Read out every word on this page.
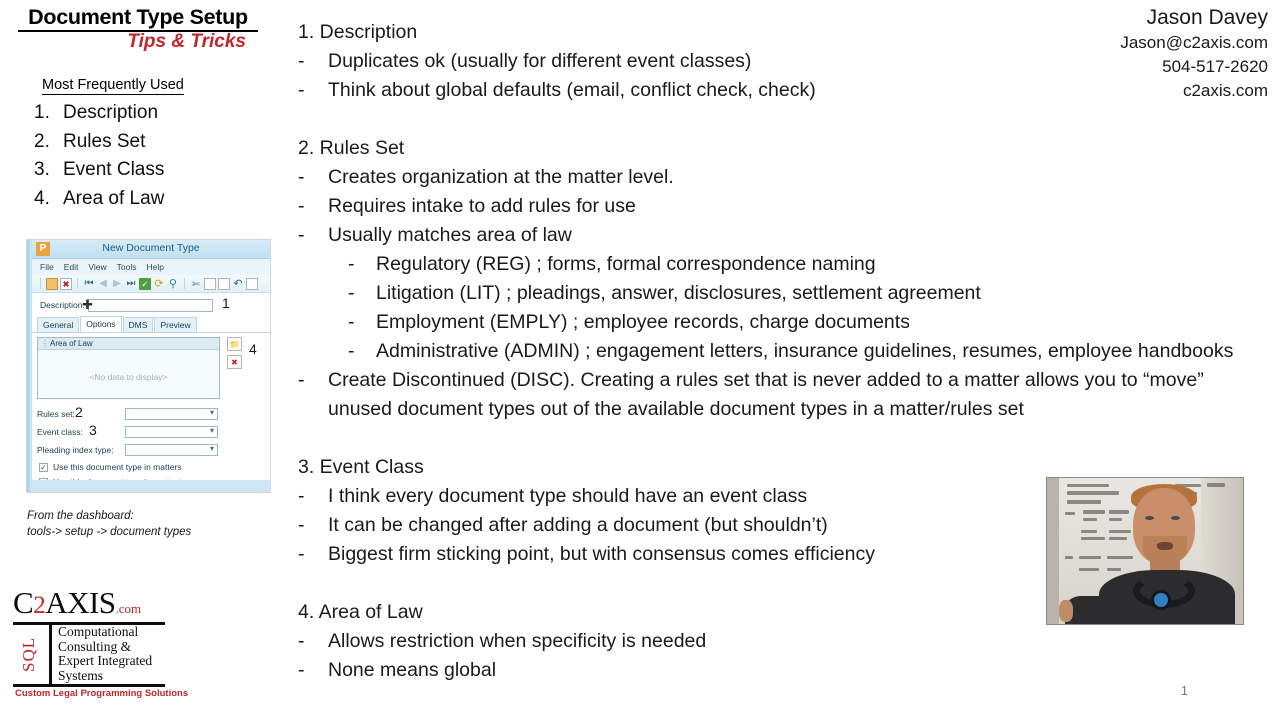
Document Type Setup
Tips & Tricks
Most Frequently Used
1. Description
2. Rules Set
3. Event Class
4. Area of Law
P	New Document Type
File Edit View Tools Help
✖ ⏮ ◀ ▶ ⏭ ✓ ⟳ ⚲ ✄	↶
Description:
✚	1
General	Options	DMS	Preview
⋮ Area of Law
<No data to display>
📁
✖
4
Rules set: ▾ 2
Event class: ▾ 3
Pleading index type:
▾
✓ Use this document type in matters
From the dashboard:
tools-> setup -> document types
C2AXIS.com
SQL
Computational
Consulting &
Expert Integrated
Systems
Custom Legal Programming Solutions
Jason Davey
Jason@c2axis.com
504-517-2620
c2axis.com
1. Description
-	Duplicates ok (usually for different event classes)
-	Think about global defaults (email, conflict check, check)
2. Rules Set
-	Creates organization at the matter level.
-	Requires intake to add rules for use
-	Usually matches area of law
-	Regulatory (REG) ; forms, formal correspondence naming
-	Litigation (LIT) ; pleadings, answer, disclosures, settlement agreement
-	Employment (EMPLY) ; employee records, charge documents
-	Administrative (ADMIN) ; engagement letters, insurance guidelines, resumes, employee handbooks
-	Create Discontinued (DISC). Creating a rules set that is never added to a matter allows you to “move” unused document types out of the available document types in a matter/rules set
3. Event Class
-	I think every document type should have an event class
-	It can be changed after adding a document (but shouldn’t)
-	Biggest firm sticking point, but with consensus comes efficiency
4. Area of Law
-	Allows restriction when specificity is needed
-	None means global
1
